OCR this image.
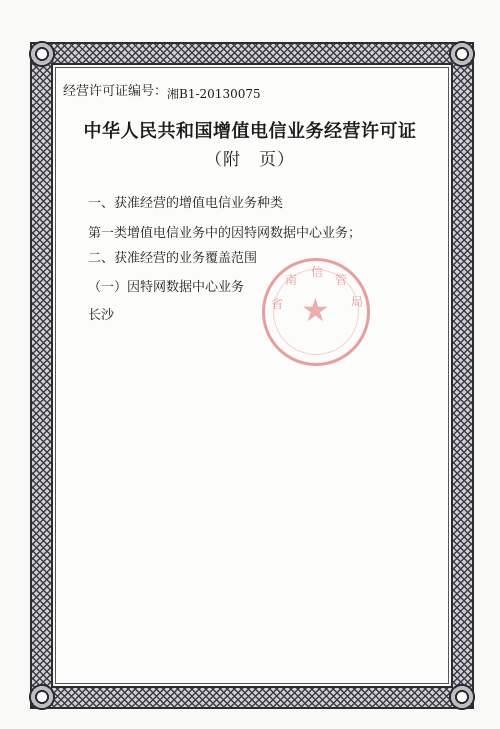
经营许可证编号：湘B1-20130075
中华人民共和国增值电信业务经营许可证
（附　页）
一、获准经营的增值电信业务种类
第一类增值电信业务中的因特网数据中心业务；
二、获准经营的业务覆盖范围
（一）因特网数据中心业务
长沙	★
信
管
局
南
省
